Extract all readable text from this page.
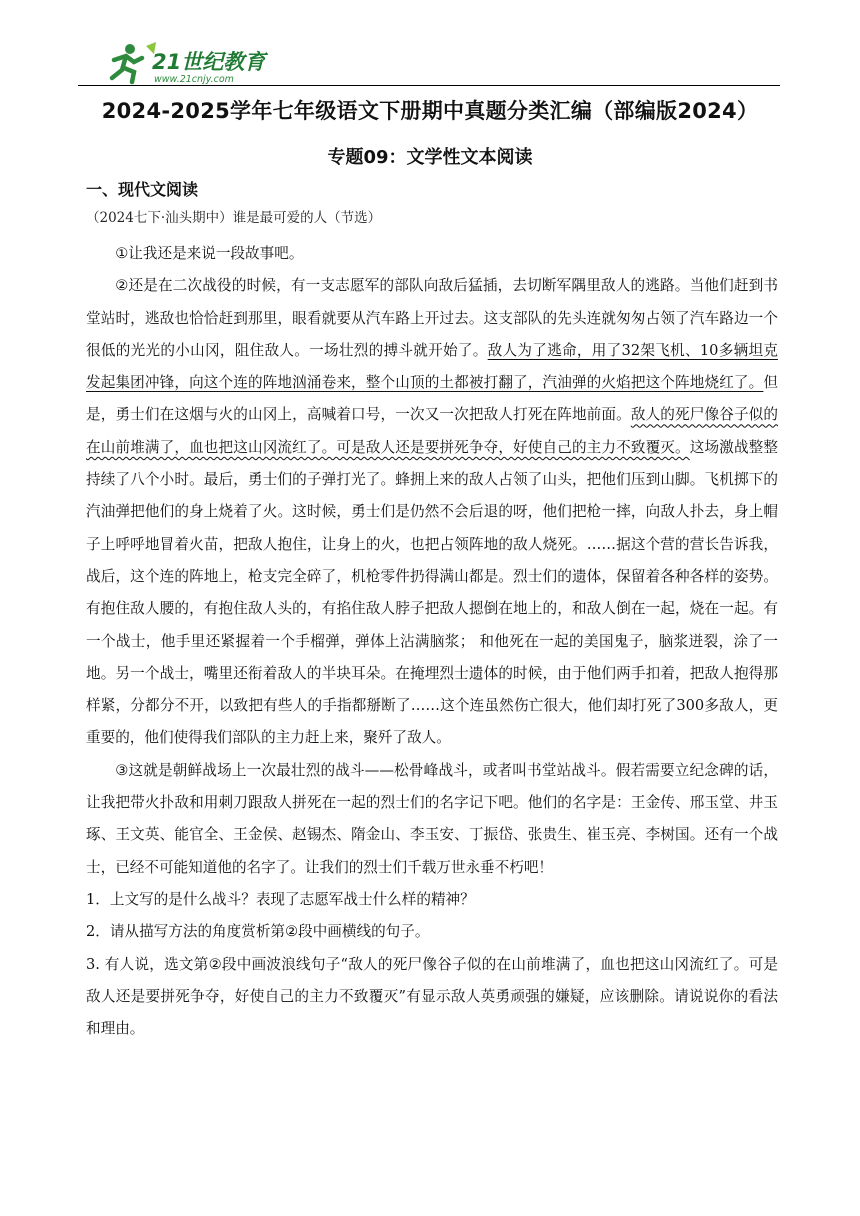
21世纪教育
www.21cnjy.com
2024-2025学年七年级语文下册期中真题分类汇编（部编版2024）
专题09：文学性文本阅读
一、现代文阅读
（2024七下·汕头期中）谁是最可爱的人（节选）

①让我还是来说一段故事吧。

②还是在二次战役的时候，有一支志愿军的部队向敌后猛插，去切断军隅里敌人的逃路。当他们赶到书堂站时，逃敌也恰恰赶到那里，眼看就要从汽车路上开过去。这支部队的先头连就匆匆占领了汽车路边一个很低的光光的小山冈，阻住敌人。一场壮烈的搏斗就开始了。敌人为了逃命，用了32架飞机、10多辆坦克发起集团冲锋，向这个连的阵地汹涌卷来，整个山顶的土都被打翻了，汽油弹的火焰把这个阵地烧红了。但是，勇士们在这烟与火的山冈上，高喊着口号，一次又一次把敌人打死在阵地前面。敌人的死尸像谷子似的在山前堆满了，血也把这山冈流红了。可是敌人还是要拼死争夺，好使自己的主力不致覆灭。这场激战整整持续了八个小时。最后，勇士们的子弹打光了。蜂拥上来的敌人占领了山头，把他们压到山脚。飞机掷下的汽油弹把他们的身上烧着了火。这时候，勇士们是仍然不会后退的呀，他们把枪一摔，向敌人扑去，身上帽子上呼呼地冒着火苗，把敌人抱住，让身上的火，也把占领阵地的敌人烧死。……据这个营的营长告诉我，战后，这个连的阵地上，枪支完全碎了，机枪零件扔得满山都是。烈士们的遗体，保留着各种各样的姿势。有抱住敌人腰的，有抱住敌人头的，有掐住敌人脖子把敌人摁倒在地上的，和敌人倒在一起，烧在一起。有一个战士，他手里还紧握着一个手榴弹，弹体上沾满脑浆； 和他死在一起的美国鬼子，脑浆迸裂，涂了一地。另一个战士，嘴里还衔着敌人的半块耳朵。在掩埋烈士遗体的时候，由于他们两手扣着，把敌人抱得那样紧，分都分不开，以致把有些人的手指都掰断了……这个连虽然伤亡很大，他们却打死了300多敌人，更重要的，他们使得我们部队的主力赶上来，聚歼了敌人。

③这就是朝鲜战场上一次最壮烈的战斗——松骨峰战斗，或者叫书堂站战斗。假若需要立纪念碑的话，让我把带火扑敌和用刺刀跟敌人拼死在一起的烈士们的名字记下吧。他们的名字是：王金传、邢玉堂、井玉琢、王文英、能官全、王金侯、赵锡杰、隋金山、李玉安、丁振岱、张贵生、崔玉亮、李树国。还有一个战士，已经不可能知道他的名字了。让我们的烈士们千载万世永垂不朽吧！

1．上文写的是什么战斗？表现了志愿军战士什么样的精神？

2．请从描写方法的角度赏析第②段中画横线的句子。

3. 有人说，选文第②段中画波浪线句子“敌人的死尸像谷子似的在山前堆满了，血也把这山冈流红了。可是敌人还是要拼死争夺，好使自己的主力不致覆灭”有显示敌人英勇顽强的嫌疑，应该删除。请说说你的看法和理由。
